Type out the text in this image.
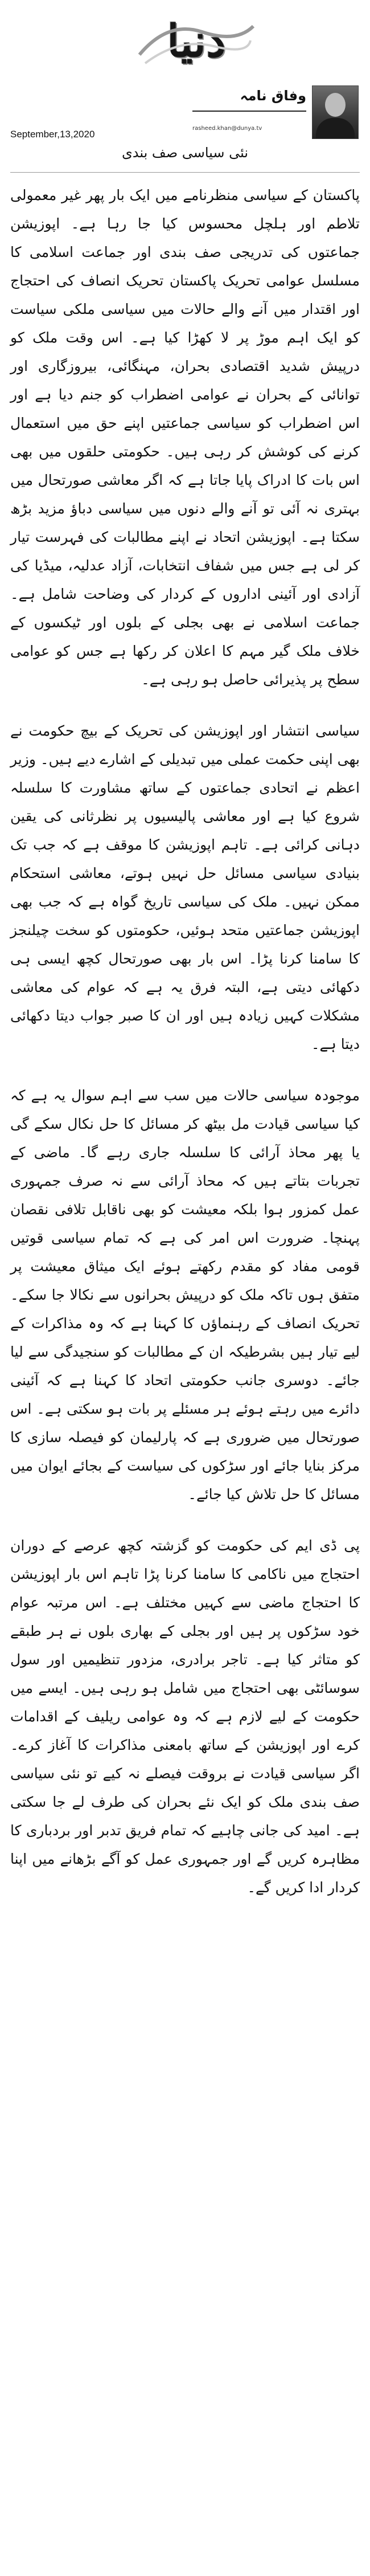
دنیا
وفاق نامہ
rasheed.khan@dunya.tv
September,13,2020
نئی سیاسی صف بندی

پاکستان کے سیاسی منظرنامے میں ایک بار پھر غیر معمولی تلاطم اور ہلچل محسوس کیا جا رہا ہے۔ اپوزیشن جماعتوں کی تدریجی صف بندی اور جماعت اسلامی کا مسلسل عوامی تحریک پاکستان تحریک انصاف کی احتجاج اور اقتدار میں آنے والے حالات میں سیاسی ملکی سیاست کو ایک اہم موڑ پر لا کھڑا کیا ہے۔ اس وقت ملک کو درپیش شدید اقتصادی بحران، مہنگائی، بیروزگاری اور توانائی کے بحران نے عوامی اضطراب کو جنم دیا ہے اور اس اضطراب کو سیاسی جماعتیں اپنے حق میں استعمال کرنے کی کوشش کر رہی ہیں۔ حکومتی حلقوں میں بھی اس بات کا ادراک پایا جاتا ہے کہ اگر معاشی صورتحال میں بہتری نہ آئی تو آنے والے دنوں میں سیاسی دباؤ مزید بڑھ سکتا ہے۔ اپوزیشن اتحاد نے اپنے مطالبات کی فہرست تیار کر لی ہے جس میں شفاف انتخابات، آزاد عدلیہ، میڈیا کی آزادی اور آئینی اداروں کے کردار کی وضاحت شامل ہے۔ جماعت اسلامی نے بھی بجلی کے بلوں اور ٹیکسوں کے خلاف ملک گیر مہم کا اعلان کر رکھا ہے جس کو عوامی سطح پر پذیرائی حاصل ہو رہی ہے۔

سیاسی انتشار اور اپوزیشن کی تحریک کے بیچ حکومت نے بھی اپنی حکمت عملی میں تبدیلی کے اشارے دیے ہیں۔ وزیر اعظم نے اتحادی جماعتوں کے ساتھ مشاورت کا سلسلہ شروع کیا ہے اور معاشی پالیسیوں پر نظرثانی کی یقین دہانی کرائی ہے۔ تاہم اپوزیشن کا موقف ہے کہ جب تک بنیادی سیاسی مسائل حل نہیں ہوتے، معاشی استحکام ممکن نہیں۔ ملک کی سیاسی تاریخ گواہ ہے کہ جب بھی اپوزیشن جماعتیں متحد ہوئیں، حکومتوں کو سخت چیلنجز کا سامنا کرنا پڑا۔ اس بار بھی صورتحال کچھ ایسی ہی دکھائی دیتی ہے، البتہ فرق یہ ہے کہ عوام کی معاشی مشکلات کہیں زیادہ ہیں اور ان کا صبر جواب دیتا دکھائی دیتا ہے۔

موجودہ سیاسی حالات میں سب سے اہم سوال یہ ہے کہ کیا سیاسی قیادت مل بیٹھ کر مسائل کا حل نکال سکے گی یا پھر محاذ آرائی کا سلسلہ جاری رہے گا۔ ماضی کے تجربات بتاتے ہیں کہ محاذ آرائی سے نہ صرف جمہوری عمل کمزور ہوا بلکہ معیشت کو بھی ناقابل تلافی نقصان پہنچا۔ ضرورت اس امر کی ہے کہ تمام سیاسی قوتیں قومی مفاد کو مقدم رکھتے ہوئے ایک میثاق معیشت پر متفق ہوں تاکہ ملک کو درپیش بحرانوں سے نکالا جا سکے۔ تحریک انصاف کے رہنماؤں کا کہنا ہے کہ وہ مذاکرات کے لیے تیار ہیں بشرطیکہ ان کے مطالبات کو سنجیدگی سے لیا جائے۔ دوسری جانب حکومتی اتحاد کا کہنا ہے کہ آئینی دائرے میں رہتے ہوئے ہر مسئلے پر بات ہو سکتی ہے۔ اس صورتحال میں ضروری ہے کہ پارلیمان کو فیصلہ سازی کا مرکز بنایا جائے اور سڑکوں کی سیاست کے بجائے ایوان میں مسائل کا حل تلاش کیا جائے۔

پی ڈی ایم کی حکومت کو گزشتہ کچھ عرصے کے دوران احتجاج میں ناکامی کا سامنا کرنا پڑا تاہم اس بار اپوزیشن کا احتجاج ماضی سے کہیں مختلف ہے۔ اس مرتبہ عوام خود سڑکوں پر ہیں اور بجلی کے بھاری بلوں نے ہر طبقے کو متاثر کیا ہے۔ تاجر برادری، مزدور تنظیمیں اور سول سوسائٹی بھی احتجاج میں شامل ہو رہی ہیں۔ ایسے میں حکومت کے لیے لازم ہے کہ وہ عوامی ریلیف کے اقدامات کرے اور اپوزیشن کے ساتھ بامعنی مذاکرات کا آغاز کرے۔ اگر سیاسی قیادت نے بروقت فیصلے نہ کیے تو نئی سیاسی صف بندی ملک کو ایک نئے بحران کی طرف لے جا سکتی ہے۔ امید کی جانی چاہیے کہ تمام فریق تدبر اور بردباری کا مظاہرہ کریں گے اور جمہوری عمل کو آگے بڑھانے میں اپنا کردار ادا کریں گے۔
